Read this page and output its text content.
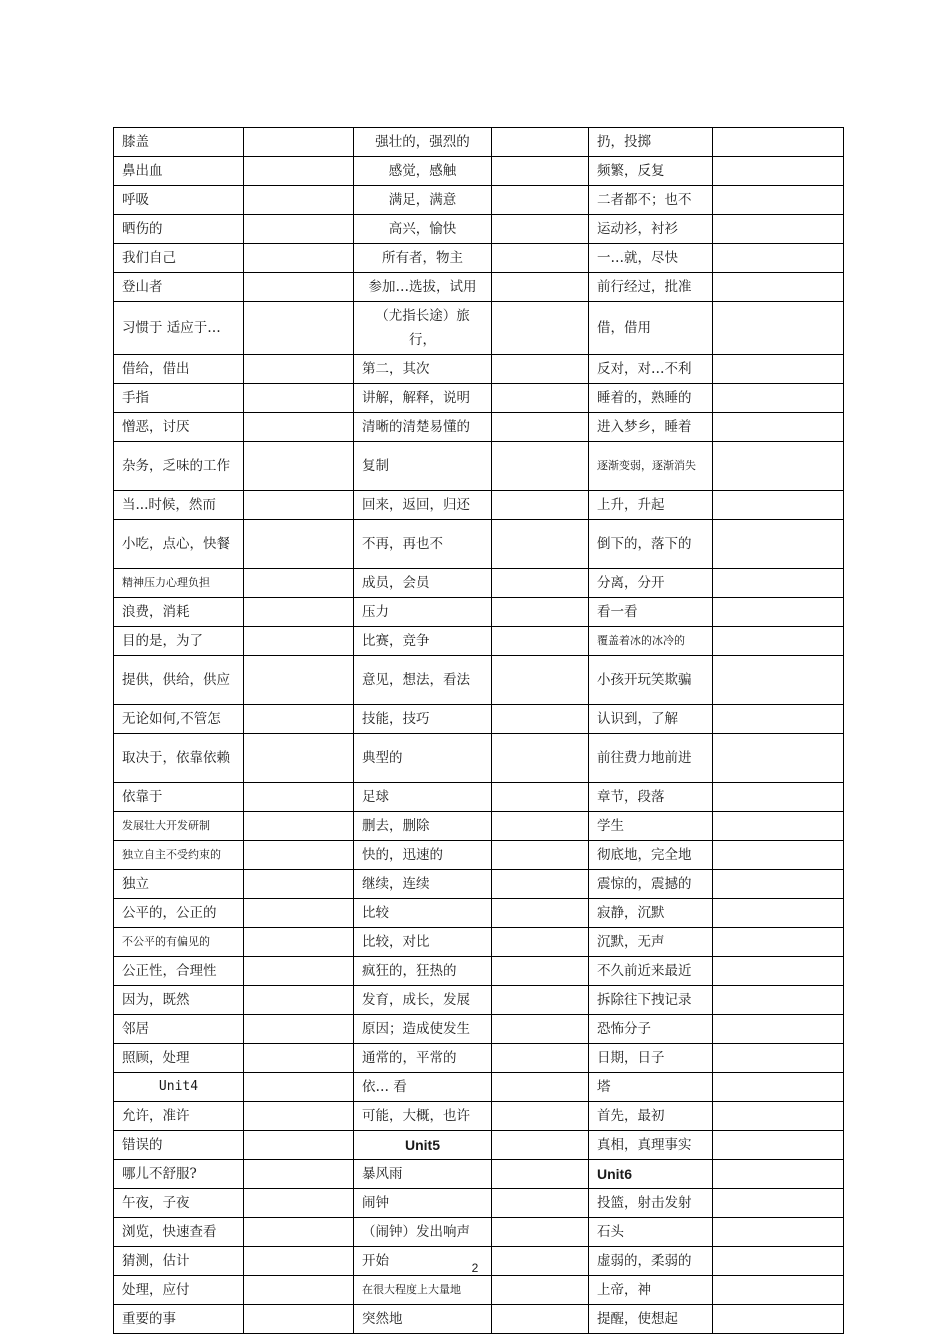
膝盖		强壮的，强烈的		扔，投掷	
鼻出血		感觉，感触		频繁，反复	
呼吸		满足，满意		二者都不；也不	
晒伤的		高兴，愉快		运动衫，衬衫	
我们自己		所有者，物主		一…就，尽快	
登山者		参加…选拔，试用		前行经过，批准	
习惯于 适应于…		（尤指长途）旅行，		借，借用	
借给，借出		第二，其次		反对，对…不利	
手指		讲解，解释，说明		睡着的，熟睡的	
憎恶，讨厌		清晰的清楚易懂的		进入梦乡，睡着	
杂务，乏味的工作		复制		逐渐变弱，逐渐消失	
当...时候，然而		回来，返回，归还		上升，升起	
小吃，点心，快餐		不再，再也不		倒下的，落下的	
精神压力心理负担		成员，会员		分离，分开	
浪费，消耗		压力		看一看	
目的是，为了		比赛，竞争		覆盖着冰的冰冷的	
提供，供给，供应		意见，想法，看法		小孩开玩笑欺骗	
无论如何,不管怎		技能，技巧		认识到，了解	
取决于，依靠依赖		典型的		前往费力地前进	
依靠于		足球		章节，段落	
发展壮大开发研制		删去，删除		学生	
独立自主不受约束的		快的，迅速的		彻底地，完全地	
独立		继续，连续		震惊的，震撼的	
公平的，公正的		比较		寂静，沉默	
不公平的有偏见的		比较，对比		沉默，无声	
公正性，合理性		疯狂的，狂热的		不久前近来最近	
因为，既然		发育，成长，发展		拆除往下拽记录	
邻居		原因；造成使发生		恐怖分子	
照顾，处理		通常的，平常的		日期，日子	
Unit4		依… 看		塔	
允许，准许		可能，大概，也许		首先，最初	
错误的		Unit5		真相，真理事实	
哪儿不舒服?		暴风雨		Unit6	
午夜，子夜		闹钟		投篮，射击发射	
浏览，快速查看		（闹钟）发出响声		石头	
猜测，估计		开始		虚弱的，柔弱的	
处理，应付		在很大程度上大量地		上帝，神	
重要的事		突然地		提醒，使想起	
2
